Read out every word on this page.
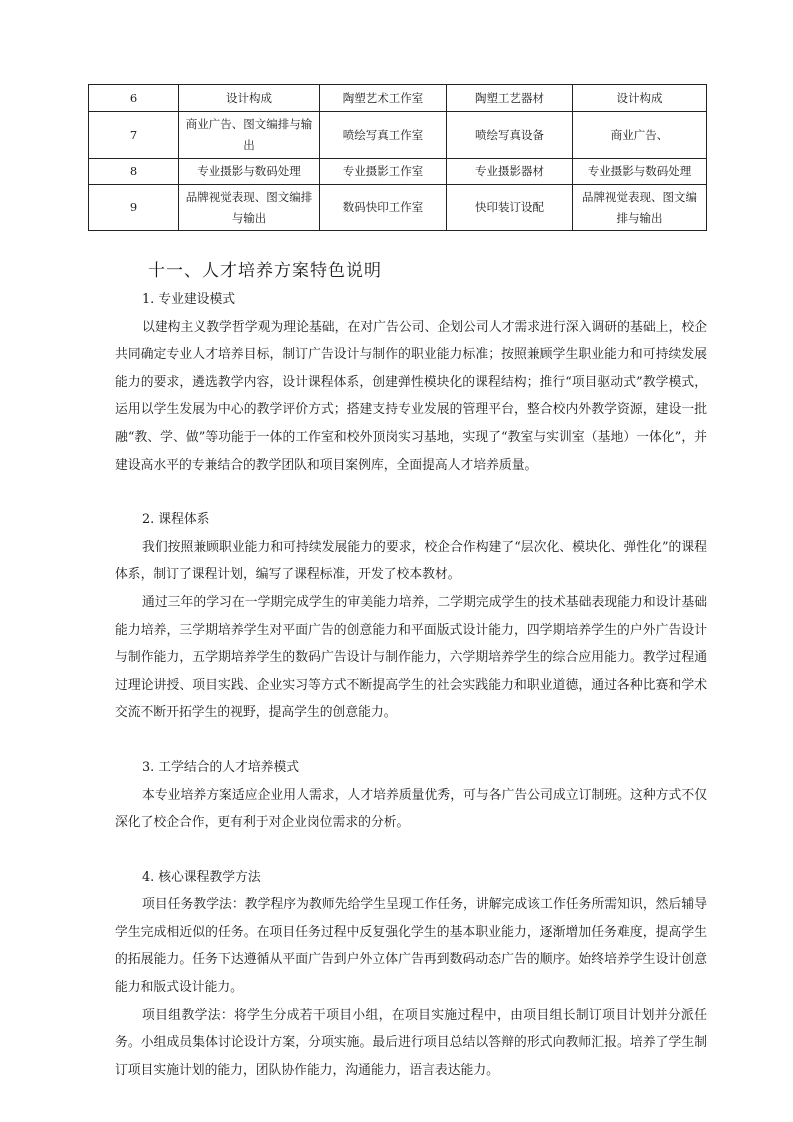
6	设计构成	陶塑艺术工作室	陶塑工艺器材	设计构成
7	商业广告、图文编排与输出	喷绘写真工作室	喷绘写真设备	商业广告、
8	专业摄影与数码处理	专业摄影工作室	专业摄影器材	专业摄影与数码处理
9	品牌视觉表现、图文编排与输出	数码快印工作室	快印装订设配	品牌视觉表现、图文编排与输出
十一、人才培养方案特色说明
1. 专业建设模式

以建构主义教学哲学观为理论基础，在对广告公司、企划公司人才需求进行深入调研的基础上，校企共同确定专业人才培养目标，制订广告设计与制作的职业能力标准；按照兼顾学生职业能力和可持续发展能力的要求，遴选教学内容，设计课程体系，创建弹性模块化的课程结构；推行“项目驱动式”教学模式，运用以学生发展为中心的教学评价方式；搭建支持专业发展的管理平台，整合校内外教学资源，建设一批融“教、学、做”等功能于一体的工作室和校外顶岗实习基地，实现了“教室与实训室（基地）一体化”，并建设高水平的专兼结合的教学团队和项目案例库，全面提高人才培养质量。

2. 课程体系

我们按照兼顾职业能力和可持续发展能力的要求，校企合作构建了“层次化、模块化、弹性化”的课程体系，制订了课程计划，编写了课程标准，开发了校本教材。

通过三年的学习在一学期完成学生的审美能力培养，二学期完成学生的技术基础表现能力和设计基础能力培养，三学期培养学生对平面广告的创意能力和平面版式设计能力，四学期培养学生的户外广告设计与制作能力，五学期培养学生的数码广告设计与制作能力，六学期培养学生的综合应用能力。教学过程通过理论讲授、项目实践、企业实习等方式不断提高学生的社会实践能力和职业道德，通过各种比赛和学术交流不断开拓学生的视野，提高学生的创意能力。

3. 工学结合的人才培养模式

本专业培养方案适应企业用人需求，人才培养质量优秀，可与各广告公司成立订制班。这种方式不仅深化了校企合作，更有利于对企业岗位需求的分析。

4. 核心课程教学方法

项目任务教学法：教学程序为教师先给学生呈现工作任务，讲解完成该工作任务所需知识，然后辅导学生完成相近似的任务。在项目任务过程中反复强化学生的基本职业能力，逐渐增加任务难度，提高学生的拓展能力。任务下达遵循从平面广告到户外立体广告再到数码动态广告的顺序。始终培养学生设计创意能力和版式设计能力。

项目组教学法：将学生分成若干项目小组，在项目实施过程中，由项目组长制订项目计划并分派任务。小组成员集体讨论设计方案，分项实施。最后进行项目总结以答辩的形式向教师汇报。培养了学生制订项目实施计划的能力，团队协作能力，沟通能力，语言表达能力。
